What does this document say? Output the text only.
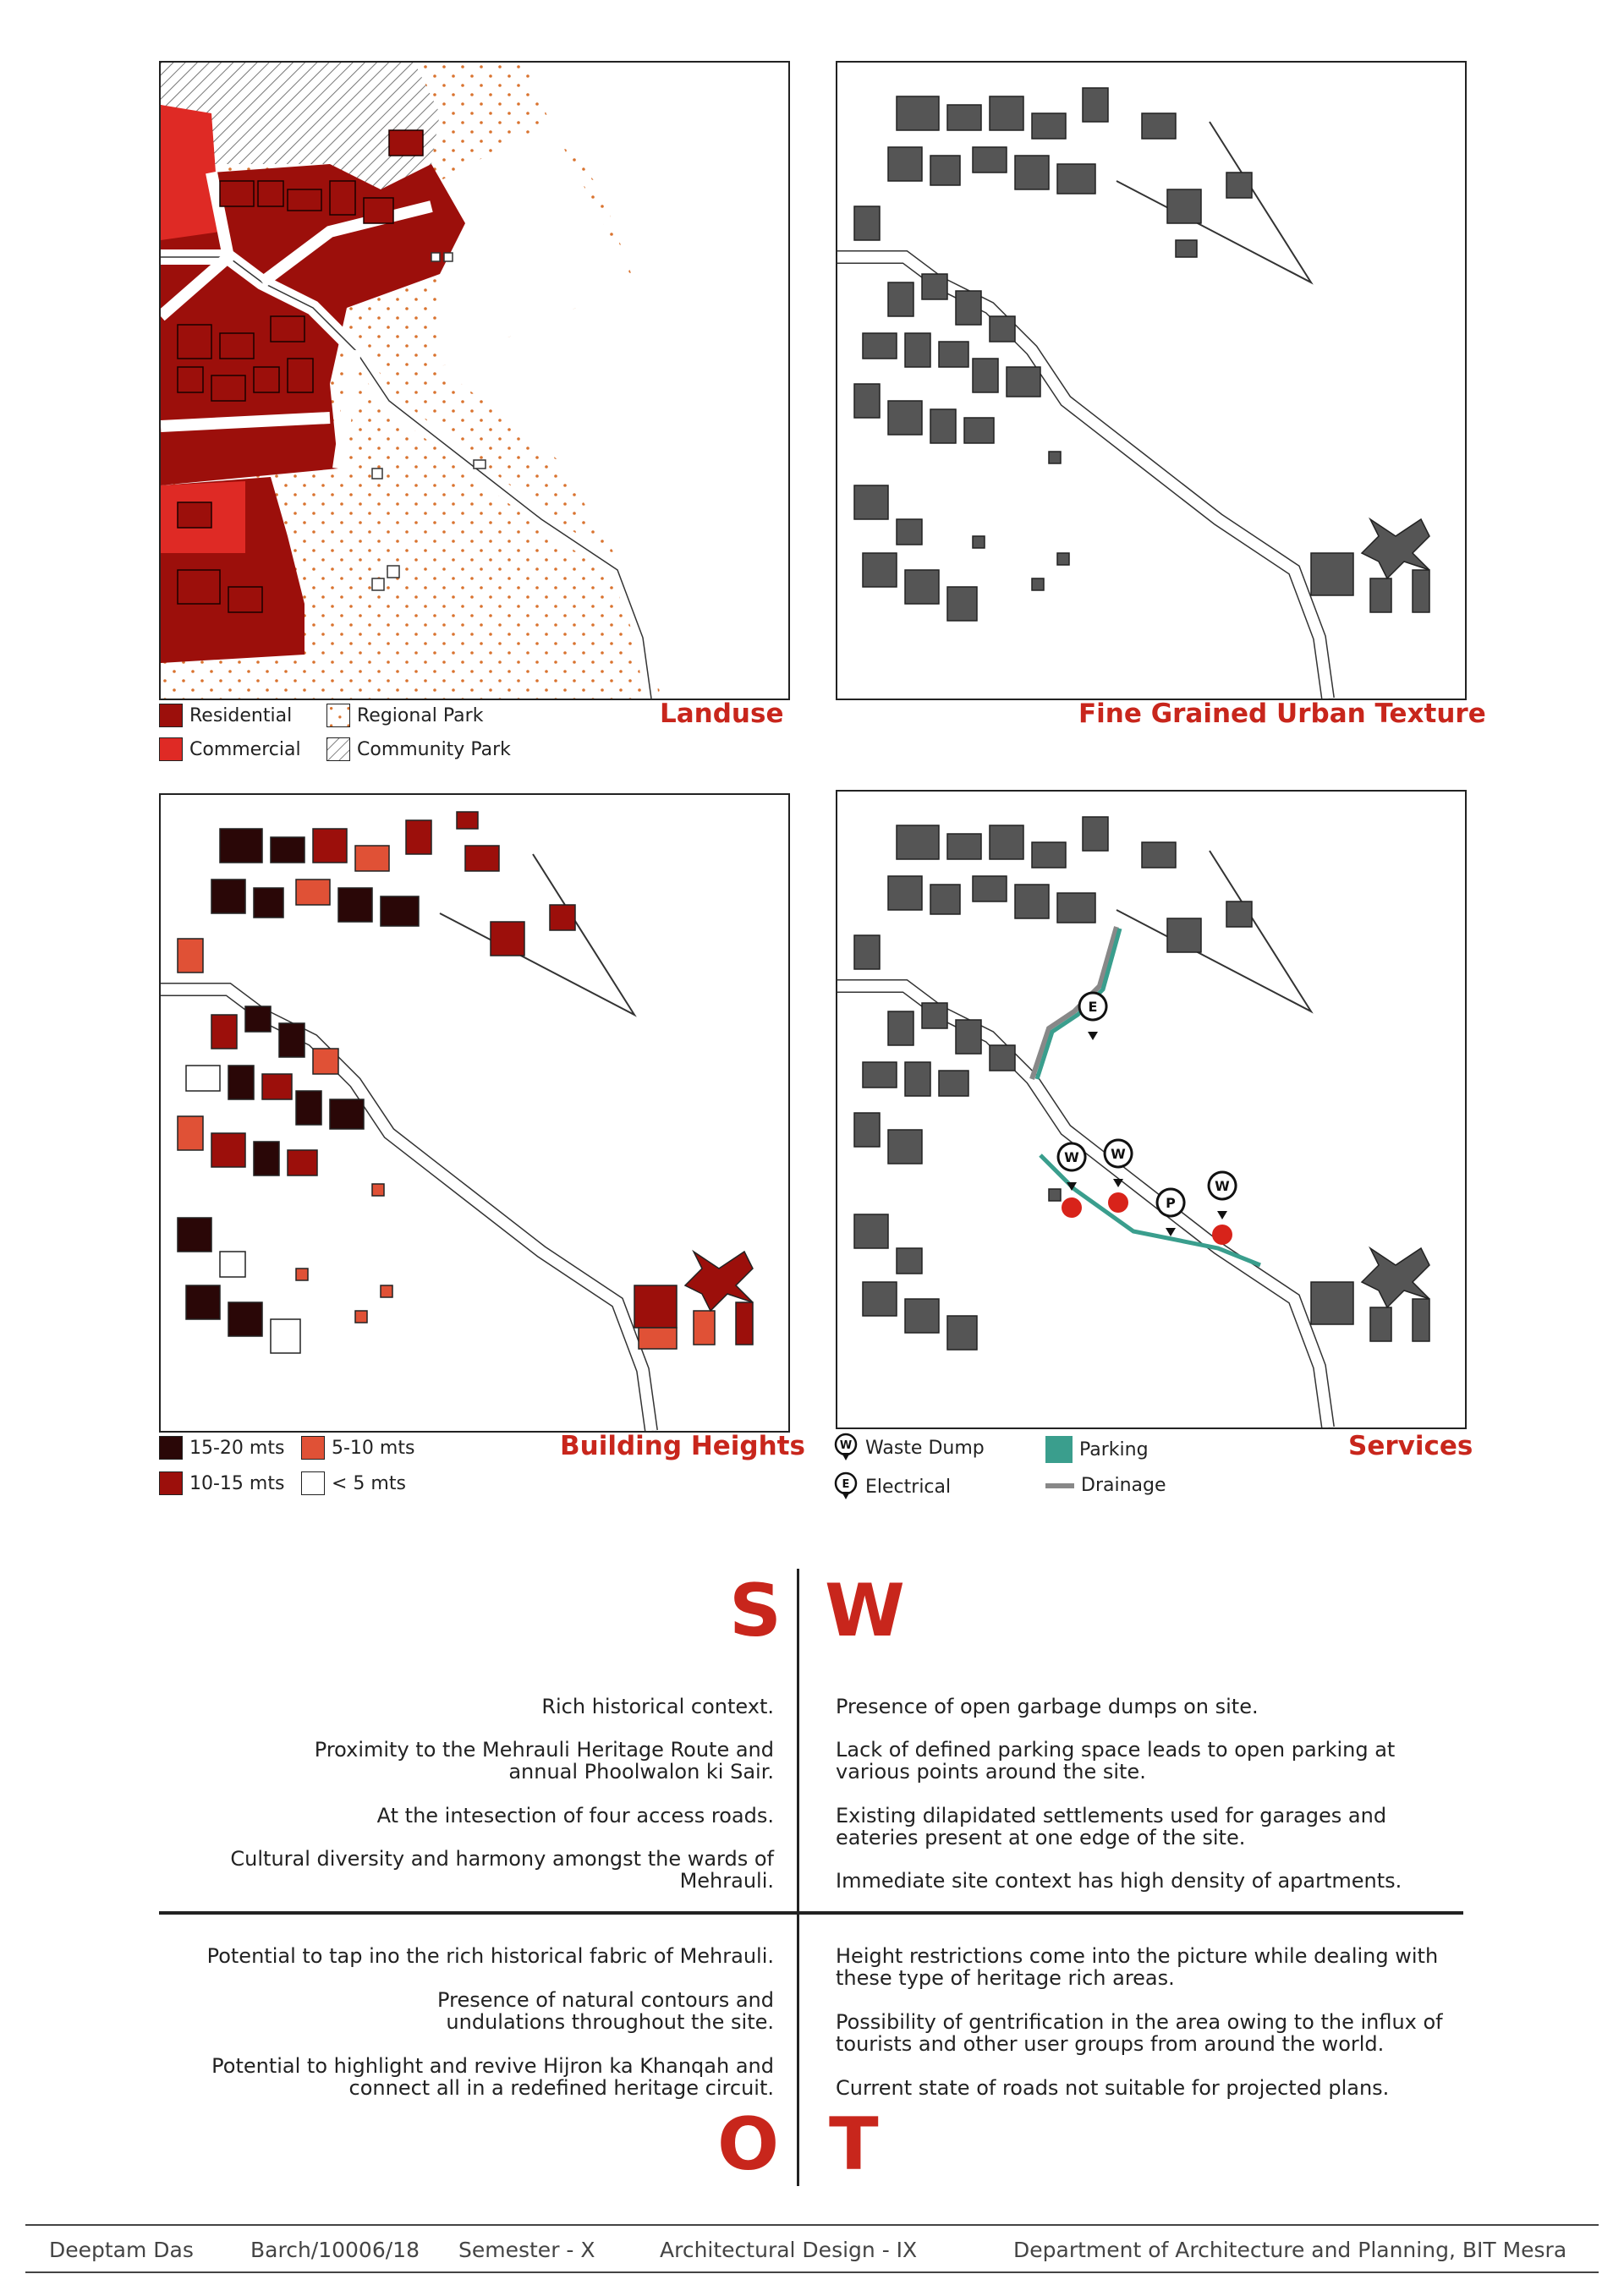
Landuse
Residential
Commercial
Regional Park
Community Park
Fine Grained Urban Texture
Building Heights
15-20 mts	5-10 mts
10-15 mts	< 5 mts
E
W W
P
W
Services
W Waste Dump	Parking
E Electrical	Drainage
S W
O T

Rich historical context.

Proximity to the Mehrauli Heritage Route and annual Phoolwalon ki Sair.

At the intesection of four access roads.

Cultural diversity and harmony amongst the wards of Mehrauli.

Presence of open garbage dumps on site.

Lack of defined parking space leads to open parking at various points around the site.

Existing dilapidated settlements used for garages and eateries present at one edge of the site.

Immediate site context has high density of apartments.

Potential to tap ino the rich historical fabric of Mehrauli.

Presence of natural contours and undulations throughout the site.

Potential to highlight and revive Hijron ka Khanqah and connect all in a redefined heritage circuit.

Height restrictions come into the picture while dealing with these type of heritage rich areas.

Possibility of gentrification in the area owing to the influx of tourists and other user groups from around the world.

Current state of roads not suitable for projected plans.

Deeptam Das	Barch/10006/18 Semester - X	Architectural Design - IX	Department of Architecture and Planning, BIT Mesra
